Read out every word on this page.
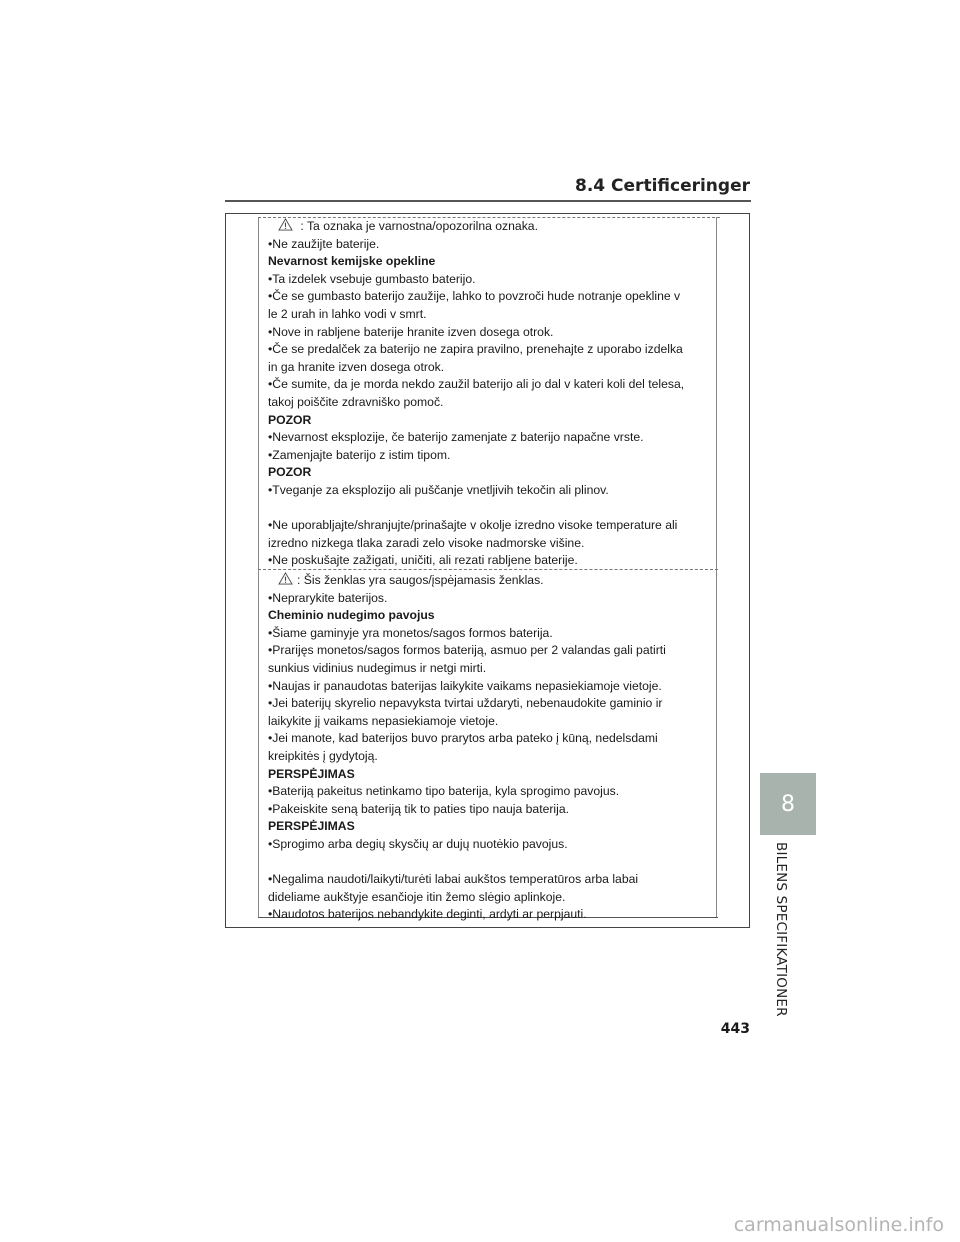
8.4 Certificeringer
: Ta oznaka je varnostna/opozorilna oznaka.
•Ne zaužijte baterije.
Nevarnost kemijske opekline
•Ta izdelek vsebuje gumbasto baterijo.
•Če se gumbasto baterijo zaužije, lahko to povzroči hude notranje opekline v
le 2 urah in lahko vodi v smrt.
•Nove in rabljene baterije hranite izven dosega otrok.
•Če se predalček za baterijo ne zapira pravilno, prenehajte z uporabo izdelka
in ga hranite izven dosega otrok.
•Če sumite, da je morda nekdo zaužil baterijo ali jo dal v kateri koli del telesa,
takoj poiščite zdravniško pomoč.
POZOR
•Nevarnost eksplozije, če baterijo zamenjate z baterijo napačne vrste.
•Zamenjajte baterijo z istim tipom.
POZOR
•Tveganje za eksplozijo ali puščanje vnetljivih tekočin ali plinov.
•Ne uporabljajte/shranjujte/prinašajte v okolje izredno visoke temperature ali
izredno nizkega tlaka zaradi zelo visoke nadmorske višine.
•Ne poskušajte zažigati, uničiti, ali rezati rabljene baterije.
: Šis ženklas yra saugos/įspėjamasis ženklas.
•Neprarykite baterijos.
Cheminio nudegimo pavojus
•Šiame gaminyje yra monetos/sagos formos baterija.
•Prarijęs monetos/sagos formos bateriją, asmuo per 2 valandas gali patirti
sunkius vidinius nudegimus ir netgi mirti.
•Naujas ir panaudotas baterijas laikykite vaikams nepasiekiamoje vietoje.
•Jei baterijų skyrelio nepavyksta tvirtai uždaryti, nebenaudokite gaminio ir
laikykite jį vaikams nepasiekiamoje vietoje.
•Jei manote, kad baterijos buvo prarytos arba pateko į kūną, nedelsdami
kreipkitės į gydytoją.
PERSPĖJIMAS
•Bateriją pakeitus netinkamo tipo baterija, kyla sprogimo pavojus.
•Pakeiskite seną bateriją tik to paties tipo nauja baterija.
PERSPĖJIMAS
•Sprogimo arba degių skysčių ar dujų nuotėkio pavojus.
•Negalima naudoti/laikyti/turėti labai aukštos temperatūros arba labai
dideliame aukštyje esančioje itin žemo slėgio aplinkoje.
•Naudotos baterijos nebandykite deginti, ardyti ar perpjauti.
8
BILENS SPECIFIKATIONER
443
carmanualsonline.info
